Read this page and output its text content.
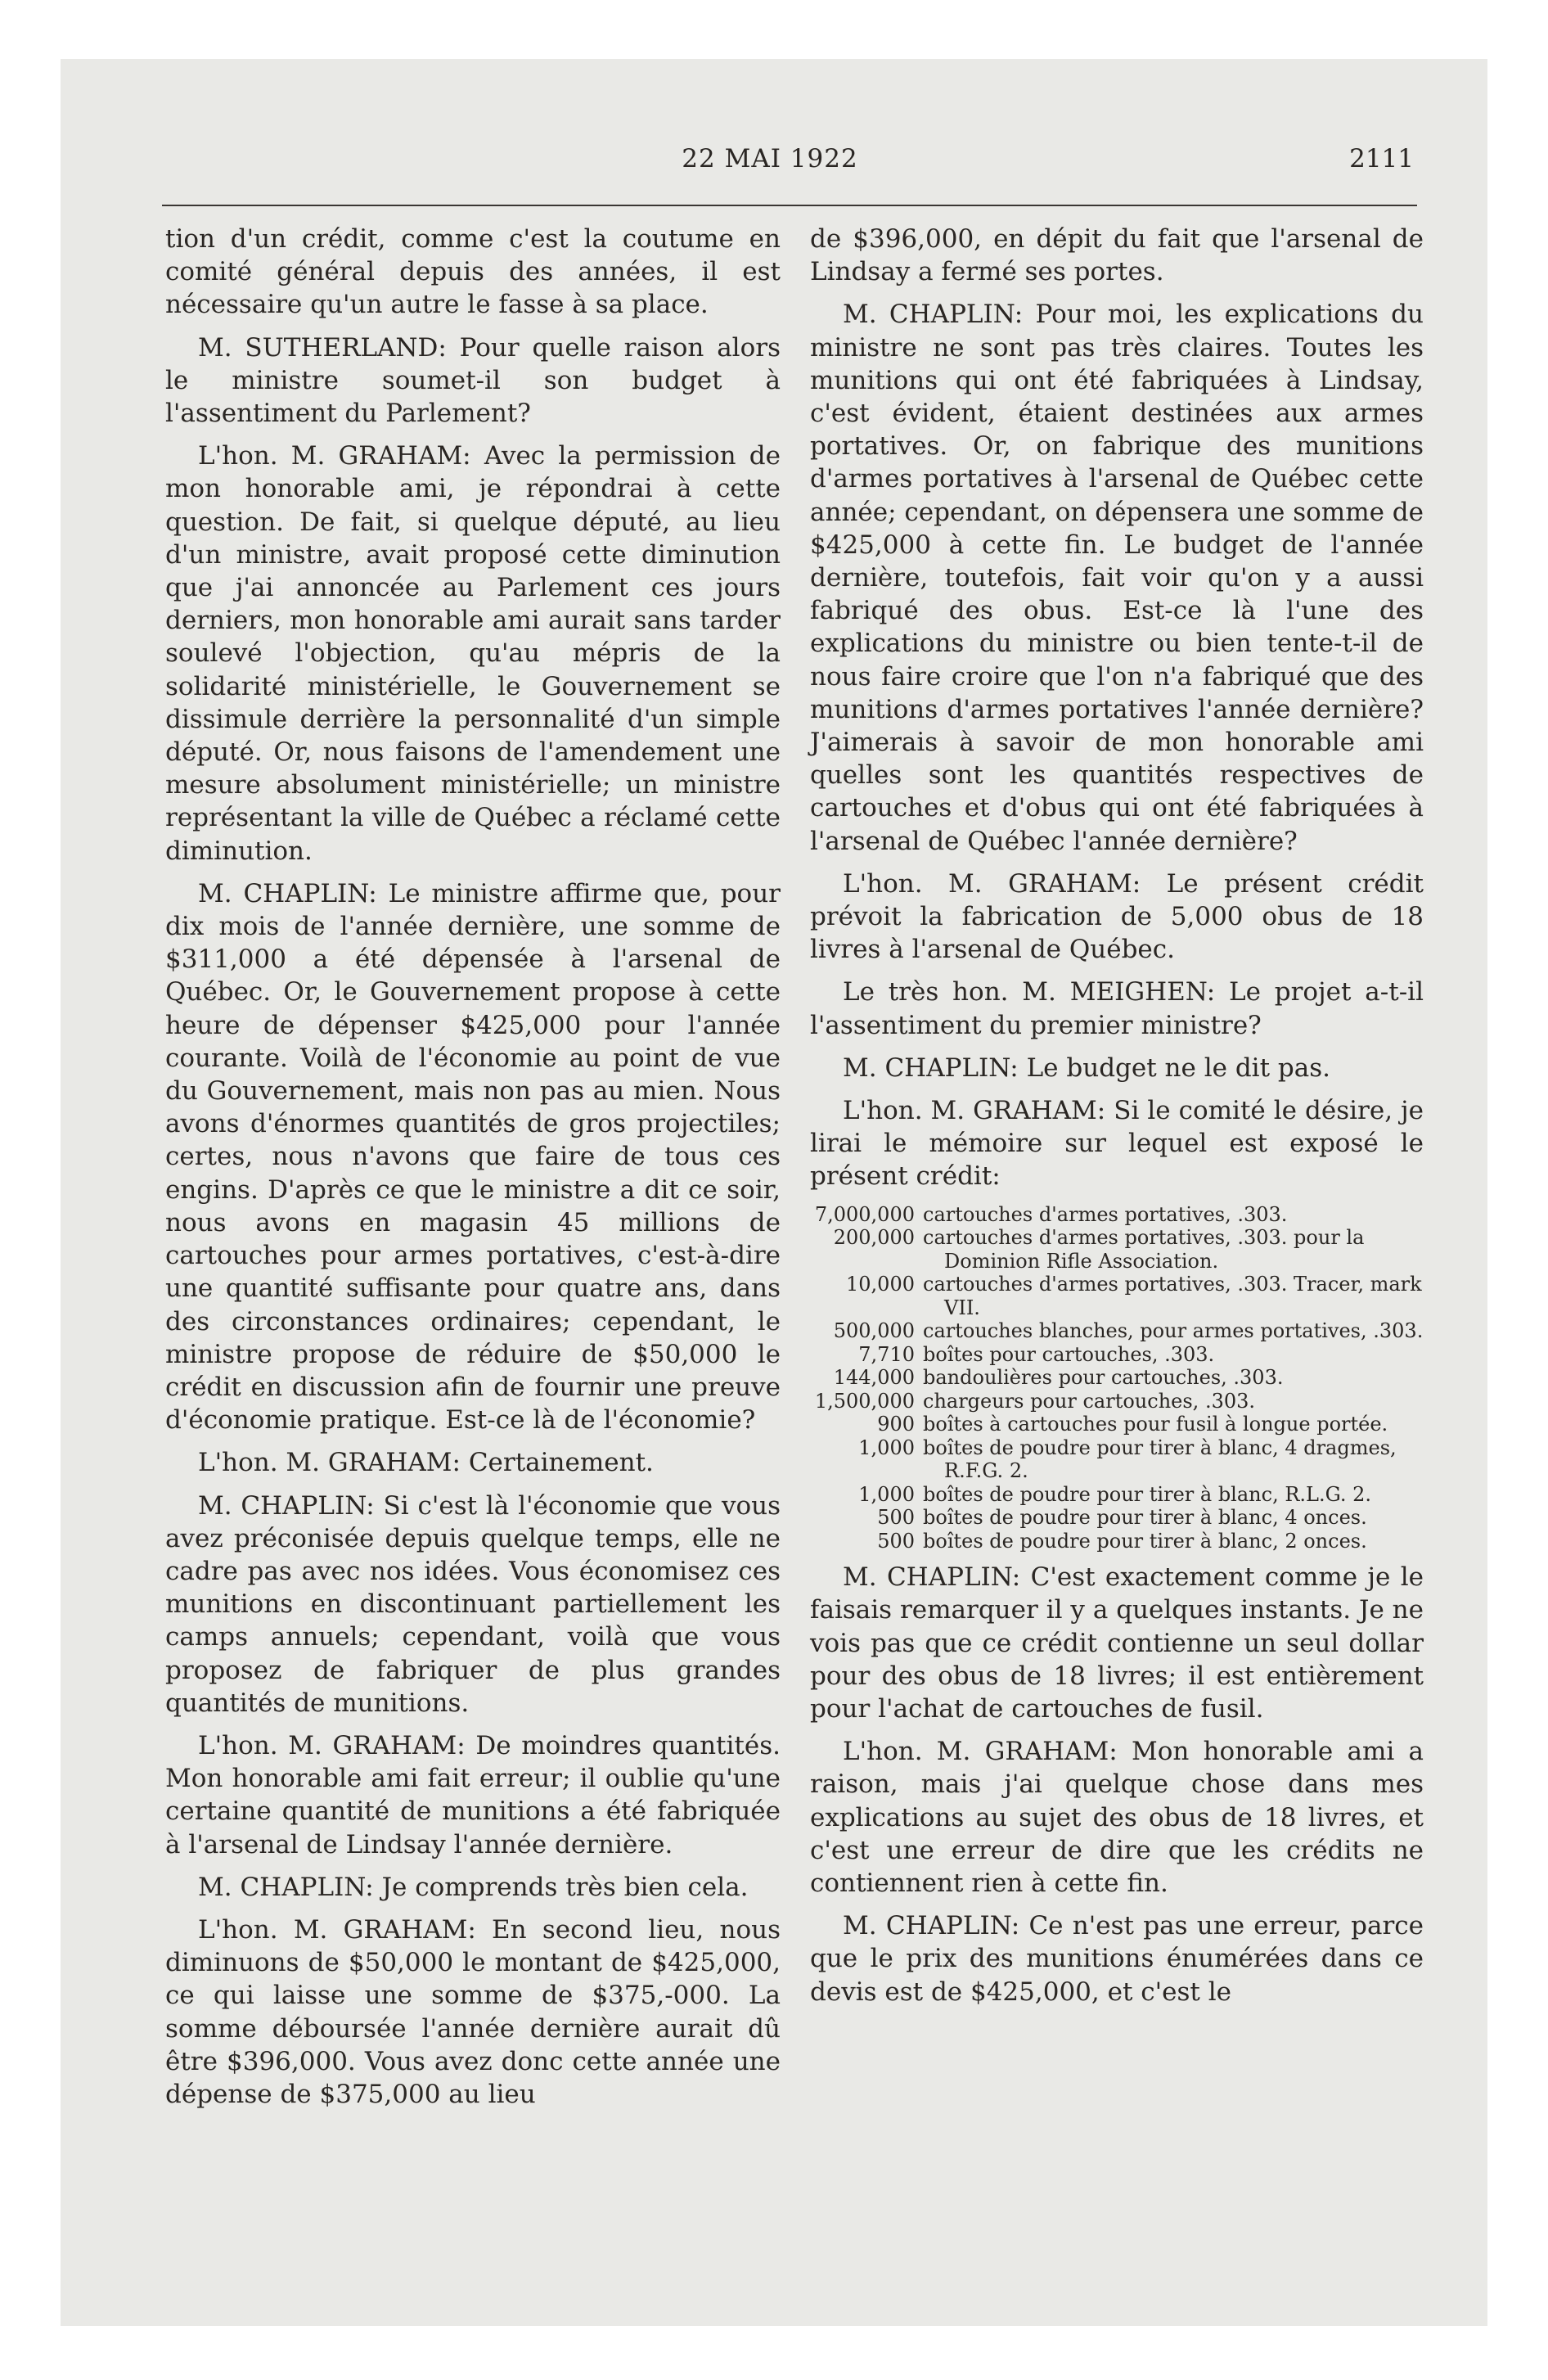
22 MAI 1922	2111

tion d'un crédit, comme c'est la coutume en comité général depuis des années, il est nécessaire qu'un autre le fasse à sa place.

M. SUTHERLAND: Pour quelle raison alors le ministre soumet-il son budget à l'assentiment du Parlement?

L'hon. M. GRAHAM: Avec la permission de mon honorable ami, je répondrai à cette question. De fait, si quelque député, au lieu d'un ministre, avait proposé cette diminution que j'ai annoncée au Parlement ces jours derniers, mon honorable ami aurait sans tarder soulevé l'objection, qu'au mépris de la solidarité ministérielle, le Gouvernement se dissimule derrière la personnalité d'un simple député. Or, nous faisons de l'amendement une mesure absolument ministérielle; un ministre représentant la ville de Québec a réclamé cette diminution.

M. CHAPLIN: Le ministre affirme que, pour dix mois de l'année dernière, une somme de $311,000 a été dépensée à l'arsenal de Québec. Or, le Gouvernement propose à cette heure de dépenser $425,000 pour l'année courante. Voilà de l'économie au point de vue du Gouvernement, mais non pas au mien. Nous avons d'énormes quantités de gros projectiles; certes, nous n'avons que faire de tous ces engins. D'après ce que le ministre a dit ce soir, nous avons en magasin 45 millions de cartouches pour armes portatives, c'est-à-dire une quantité suffisante pour quatre ans, dans des circonstances ordinaires; cependant, le ministre propose de réduire de $50,000 le crédit en discussion afin de fournir une preuve d'économie pratique. Est-ce là de l'économie?

L'hon. M. GRAHAM: Certainement.

M. CHAPLIN: Si c'est là l'économie que vous avez préconisée depuis quelque temps, elle ne cadre pas avec nos idées. Vous économisez ces munitions en discontinuant partiellement les camps annuels; cependant, voilà que vous proposez de fabriquer de plus grandes quantités de munitions.

L'hon. M. GRAHAM: De moindres quantités. Mon honorable ami fait erreur; il oublie qu'une certaine quantité de munitions a été fabriquée à l'arsenal de Lindsay l'année dernière.

M. CHAPLIN: Je comprends très bien cela.

L'hon. M. GRAHAM: En second lieu, nous diminuons de $50,000 le montant de $425,000, ce qui laisse une somme de $375,-000. La somme déboursée l'année dernière aurait dû être $396,000. Vous avez donc cette année une dépense de $375,000 au lieu

de $396,000, en dépit du fait que l'arsenal de Lindsay a fermé ses portes.

M. CHAPLIN: Pour moi, les explications du ministre ne sont pas très claires. Toutes les munitions qui ont été fabriquées à Lindsay, c'est évident, étaient destinées aux armes portatives. Or, on fabrique des munitions d'armes portatives à l'arsenal de Québec cette année; cependant, on dépensera une somme de $425,000 à cette fin. Le budget de l'année dernière, toutefois, fait voir qu'on y a aussi fabriqué des obus. Est-ce là l'une des explications du ministre ou bien tente-t-il de nous faire croire que l'on n'a fabriqué que des munitions d'armes portatives l'année dernière? J'aimerais à savoir de mon honorable ami quelles sont les quantités respectives de cartouches et d'obus qui ont été fabriquées à l'arsenal de Québec l'année dernière?

L'hon. M. GRAHAM: Le présent crédit prévoit la fabrication de 5,000 obus de 18 livres à l'arsenal de Québec.

Le très hon. M. MEIGHEN: Le projet a-t-il l'assentiment du premier ministre?

M. CHAPLIN: Le budget ne le dit pas.

L'hon. M. GRAHAM: Si le comité le désire, je lirai le mémoire sur lequel est exposé le présent crédit:

7,000,000 cartouches d'armes portatives, .303.
200,000 cartouches d'armes portatives, .303. pour la Dominion Rifle Association.
10,000 cartouches d'armes portatives, .303. Tracer, mark VII.
500,000 cartouches blanches, pour armes portatives, .303.
7,710 boîtes pour cartouches, .303.
144,000 bandoulières pour cartouches, .303.
1,500,000 chargeurs pour cartouches, .303.
900 boîtes à cartouches pour fusil à longue portée.
1,000 boîtes de poudre pour tirer à blanc, 4 dragmes, R.F.G. 2.
1,000 boîtes de poudre pour tirer à blanc, R.L.G. 2.
500 boîtes de poudre pour tirer à blanc, 4 onces.
500 boîtes de poudre pour tirer à blanc, 2 onces.

M. CHAPLIN: C'est exactement comme je le faisais remarquer il y a quelques instants. Je ne vois pas que ce crédit contienne un seul dollar pour des obus de 18 livres; il est entièrement pour l'achat de cartouches de fusil.

L'hon. M. GRAHAM: Mon honorable ami a raison, mais j'ai quelque chose dans mes explications au sujet des obus de 18 livres, et c'est une erreur de dire que les crédits ne contiennent rien à cette fin.

M. CHAPLIN: Ce n'est pas une erreur, parce que le prix des munitions énumérées dans ce devis est de $425,000, et c'est le
